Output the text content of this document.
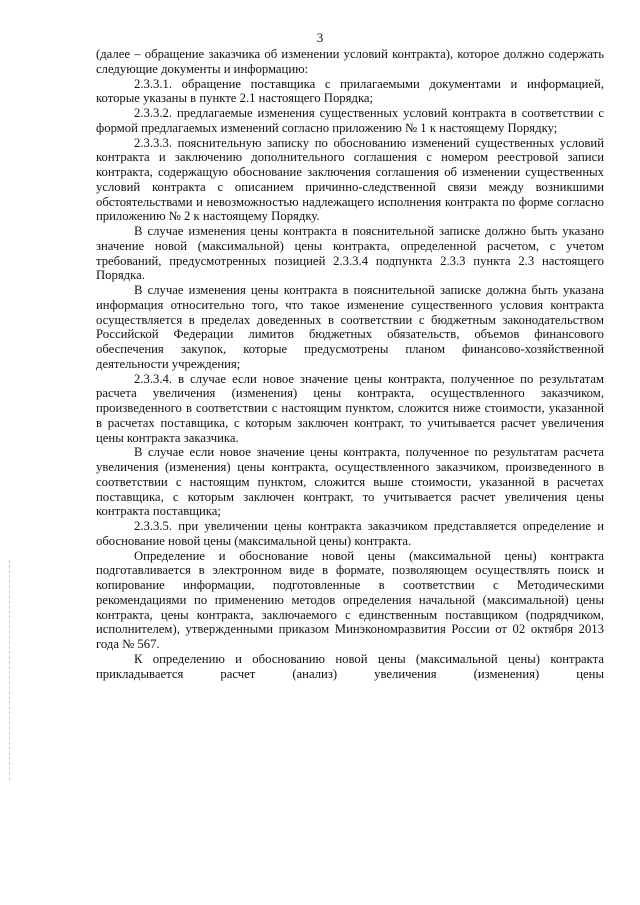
3

(далее – обращение заказчика об изменении условий контракта), которое должно содержать следующие документы и информацию:

2.3.3.1. обращение поставщика с прилагаемыми документами и информацией, которые указаны в пункте 2.1 настоящего Порядка;

2.3.3.2. предлагаемые изменения существенных условий контракта в соответствии с формой предлагаемых изменений согласно приложению № 1 к настоящему Порядку;

2.3.3.3. пояснительную записку по обоснованию изменений существенных условий контракта и заключению дополнительного соглашения с номером реестровой записи контракта, содержащую обоснование заключения соглашения об изменении существенных условий контракта с описанием причинно-следственной связи между возникшими обстоятельствами и невозможностью надлежащего исполнения контракта по форме согласно приложению № 2 к настоящему Порядку.

В случае изменения цены контракта в пояснительной записке должно быть указано значение новой (максимальной) цены контракта, определенной расчетом, с учетом требований, предусмотренных позицией 2.3.3.4 подпункта 2.3.3 пункта 2.3 настоящего Порядка.

В случае изменения цены контракта в пояснительной записке должна быть указана информация относительно того, что такое изменение существенного условия контракта осуществляется в пределах доведенных в соответствии с бюджетным законодательством Российской Федерации лимитов бюджетных обязательств, объемов финансового обеспечения закупок, которые предусмотрены планом финансово-хозяйственной деятельности учреждения;

2.3.3.4. в случае если новое значение цены контракта, полученное по результатам расчета увеличения (изменения) цены контракта, осуществленного заказчиком, произведенного в соответствии с настоящим пунктом, сложится ниже стоимости, указанной в расчетах поставщика, с которым заключен контракт, то учитывается расчет увеличения цены контракта заказчика.

В случае если новое значение цены контракта, полученное по результатам расчета увеличения (изменения) цены контракта, осуществленного заказчиком, произведенного в соответствии с настоящим пунктом, сложится выше стоимости, указанной в расчетах поставщика, с которым заключен контракт, то учитывается расчет увеличения цены контракта поставщика;

2.3.3.5. при увеличении цены контракта заказчиком представляется определение и обоснование новой цены (максимальной цены) контракта.

Определение и обоснование новой цены (максимальной цены) контракта подготавливается в электронном виде в формате, позволяющем осуществлять поиск и копирование информации, подготовленные в соответствии с Методическими рекомендациями по применению методов определения начальной (максимальной) цены контракта, цены контракта, заключаемого с единственным поставщиком (подрядчиком, исполнителем), утвержденными приказом Минэкономразвития России от 02 октября 2013 года № 567.

К определению и обоснованию новой цены (максимальной цены) контракта прикладывается расчет (анализ) увеличения (изменения) цены
